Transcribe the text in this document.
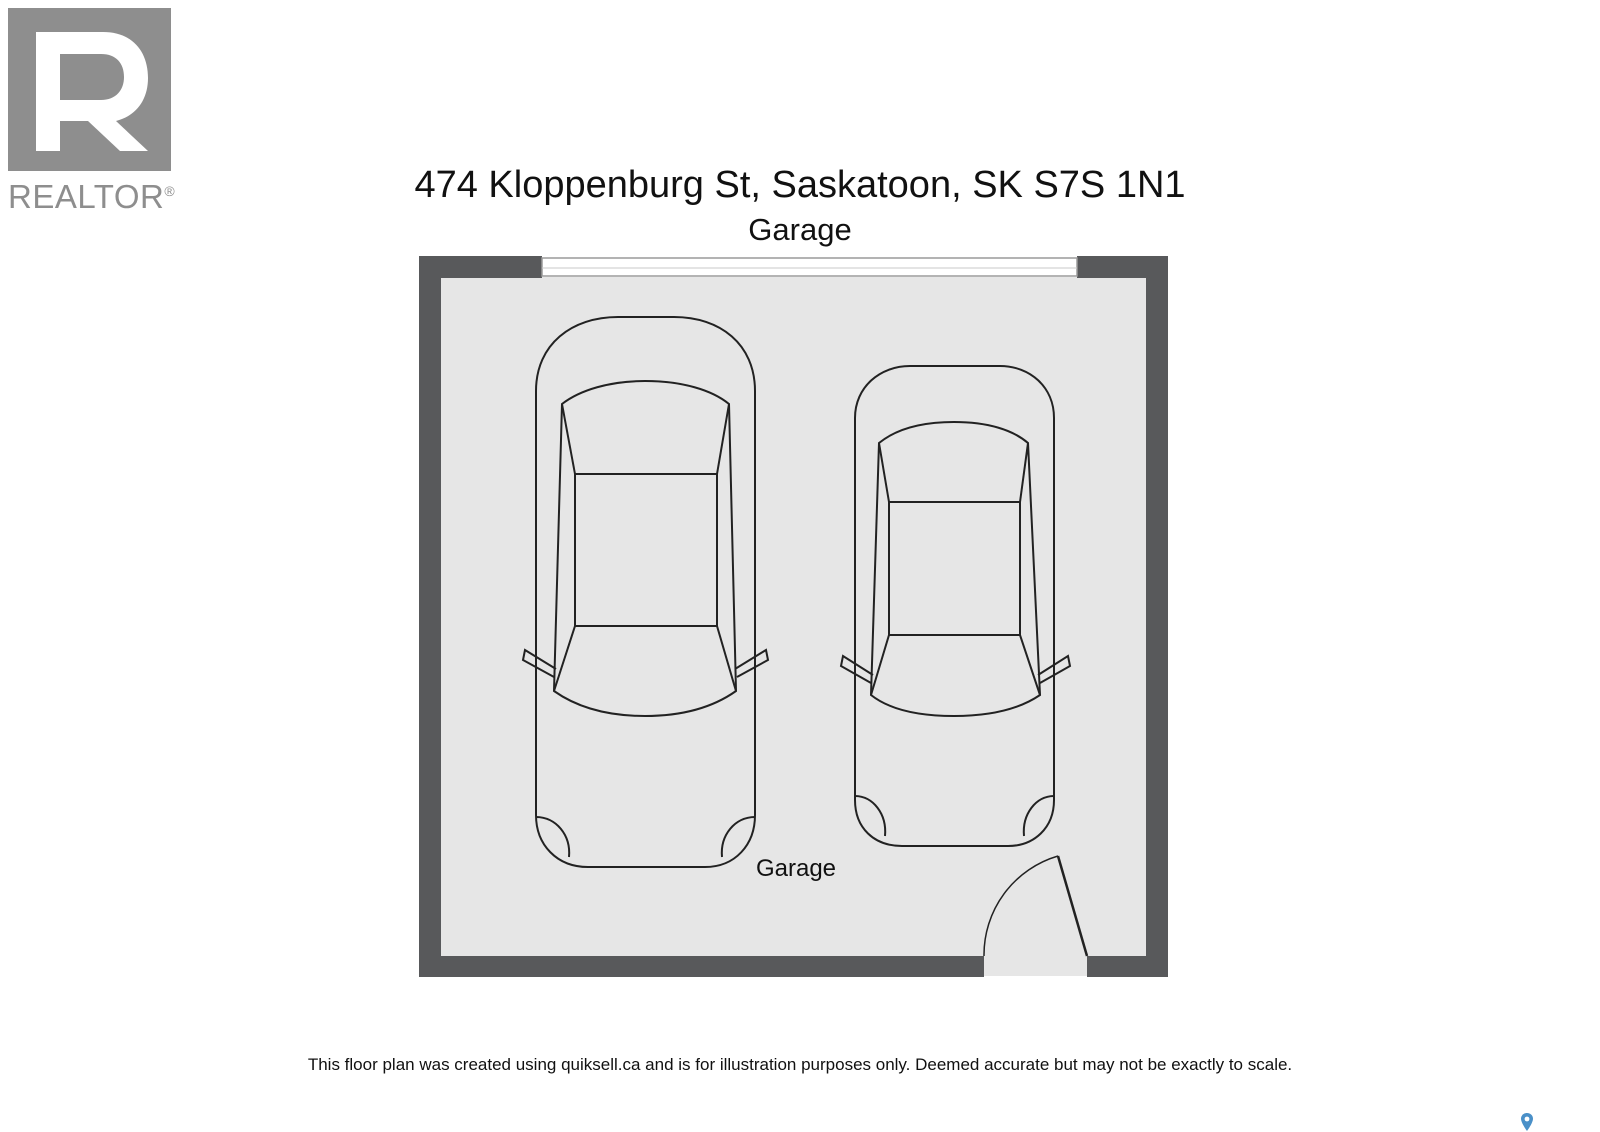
REALTOR®	474 Kloppenburg St, Saskatoon, SK S7S 1N1
Garage
Garage
This floor plan was created using quiksell.ca and is for illustration purposes only. Deemed accurate but may not be exactly to scale.
